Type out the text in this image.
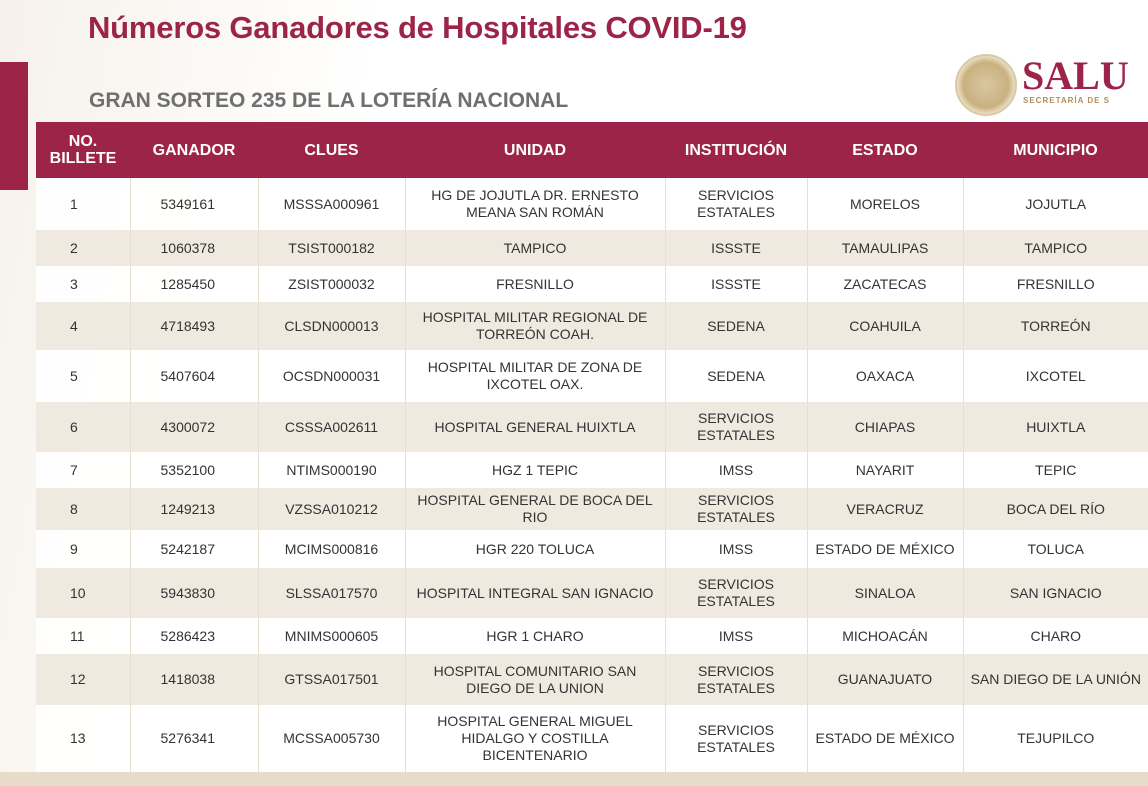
Números Ganadores de Hospitales COVID-19
GRAN SORTEO 235 DE LA LOTERÍA NACIONAL
SALU
SECRETARÍA DE S
NO. BILLETE	GANADOR	CLUES	UNIDAD	INSTITUCIÓN	ESTADO	MUNICIPIO
1	5349161	MSSSA000961	HG DE JOJUTLA DR. ERNESTO MEANA SAN ROMÁN	SERVICIOS ESTATALES	MORELOS	JOJUTLA
2	1060378	TSIST000182	TAMPICO	ISSSTE	TAMAULIPAS	TAMPICO
3	1285450	ZSIST000032	FRESNILLO	ISSSTE	ZACATECAS	FRESNILLO
4	4718493	CLSDN000013	HOSPITAL MILITAR REGIONAL DE TORREÓN COAH.	SEDENA	COAHUILA	TORREÓN
5	5407604	OCSDN000031	HOSPITAL MILITAR DE ZONA DE IXCOTEL OAX.	SEDENA	OAXACA	IXCOTEL
6	4300072	CSSSA002611	HOSPITAL GENERAL HUIXTLA	SERVICIOS ESTATALES	CHIAPAS	HUIXTLA
7	5352100	NTIMS000190	HGZ 1 TEPIC	IMSS	NAYARIT	TEPIC
8	1249213	VZSSA010212	HOSPITAL GENERAL DE BOCA DEL RIO	SERVICIOS ESTATALES	VERACRUZ	BOCA DEL RÍO
9	5242187	MCIMS000816	HGR 220 TOLUCA	IMSS	ESTADO DE MÉXICO	TOLUCA
10	5943830	SLSSA017570	HOSPITAL INTEGRAL SAN IGNACIO	SERVICIOS ESTATALES	SINALOA	SAN IGNACIO
11	5286423	MNIMS000605	HGR 1 CHARO	IMSS	MICHOACÁN	CHARO
12	1418038	GTSSA017501	HOSPITAL COMUNITARIO SAN DIEGO DE LA UNION	SERVICIOS ESTATALES	GUANAJUATO	SAN DIEGO DE LA UNIÓN
13	5276341	MCSSA005730	HOSPITAL GENERAL MIGUEL HIDALGO Y COSTILLA BICENTENARIO	SERVICIOS ESTATALES	ESTADO DE MÉXICO	TEJUPILCO
